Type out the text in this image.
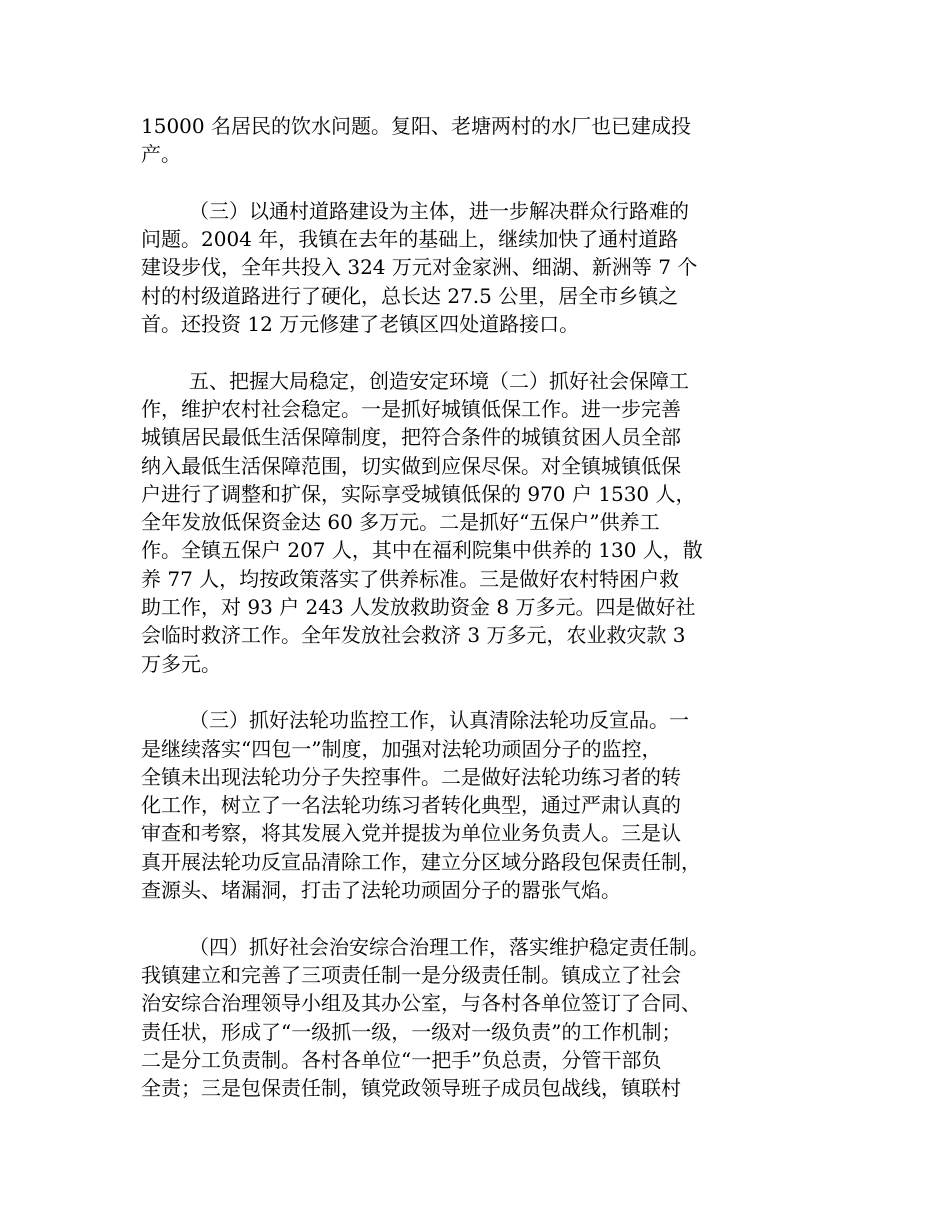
15000 名居民的饮水问题。复阳、老塘两村的水厂也已建成投
产。

（三）以通村道路建设为主体，进一步解决群众行路难的
问题。2004 年，我镇在去年的基础上，继续加快了通村道路
建设步伐，全年共投入 324 万元对金家洲、细湖、新洲等 7 个
村的村级道路进行了硬化，总长达 27.5 公里，居全市乡镇之
首。还投资 12 万元修建了老镇区四处道路接口。

五、把握大局稳定，创造安定环境（二）抓好社会保障工
作，维护农村社会稳定。一是抓好城镇低保工作。进一步完善
城镇居民最低生活保障制度，把符合条件的城镇贫困人员全部
纳入最低生活保障范围，切实做到应保尽保。对全镇城镇低保
户进行了调整和扩保，实际享受城镇低保的 970 户 1530 人，
全年发放低保资金达 60 多万元。二是抓好“五保户”供养工
作。全镇五保户 207 人，其中在福利院集中供养的 130 人，散
养 77 人，均按政策落实了供养标准。三是做好农村特困户救
助工作，对 93 户 243 人发放救助资金 8 万多元。四是做好社
会临时救济工作。全年发放社会救济 3 万多元，农业救灾款 3
万多元。

（三）抓好法轮功监控工作，认真清除法轮功反宣品。一
是继续落实“四包一”制度，加强对法轮功顽固分子的监控，
全镇未出现法轮功分子失控事件。二是做好法轮功练习者的转
化工作，树立了一名法轮功练习者转化典型，通过严肃认真的
审查和考察，将其发展入党并提拔为单位业务负责人。三是认
真开展法轮功反宣品清除工作，建立分区域分路段包保责任制，
查源头、堵漏洞，打击了法轮功顽固分子的嚣张气焰。

（四）抓好社会治安综合治理工作，落实维护稳定责任制。
我镇建立和完善了三项责任制一是分级责任制。镇成立了社会
治安综合治理领导小组及其办公室，与各村各单位签订了合同、
责任状，形成了“一级抓一级，一级对一级负责”的工作机制；
二是分工负责制。各村各单位“一把手”负总责，分管干部负
全责；三是包保责任制，镇党政领导班子成员包战线，镇联村
